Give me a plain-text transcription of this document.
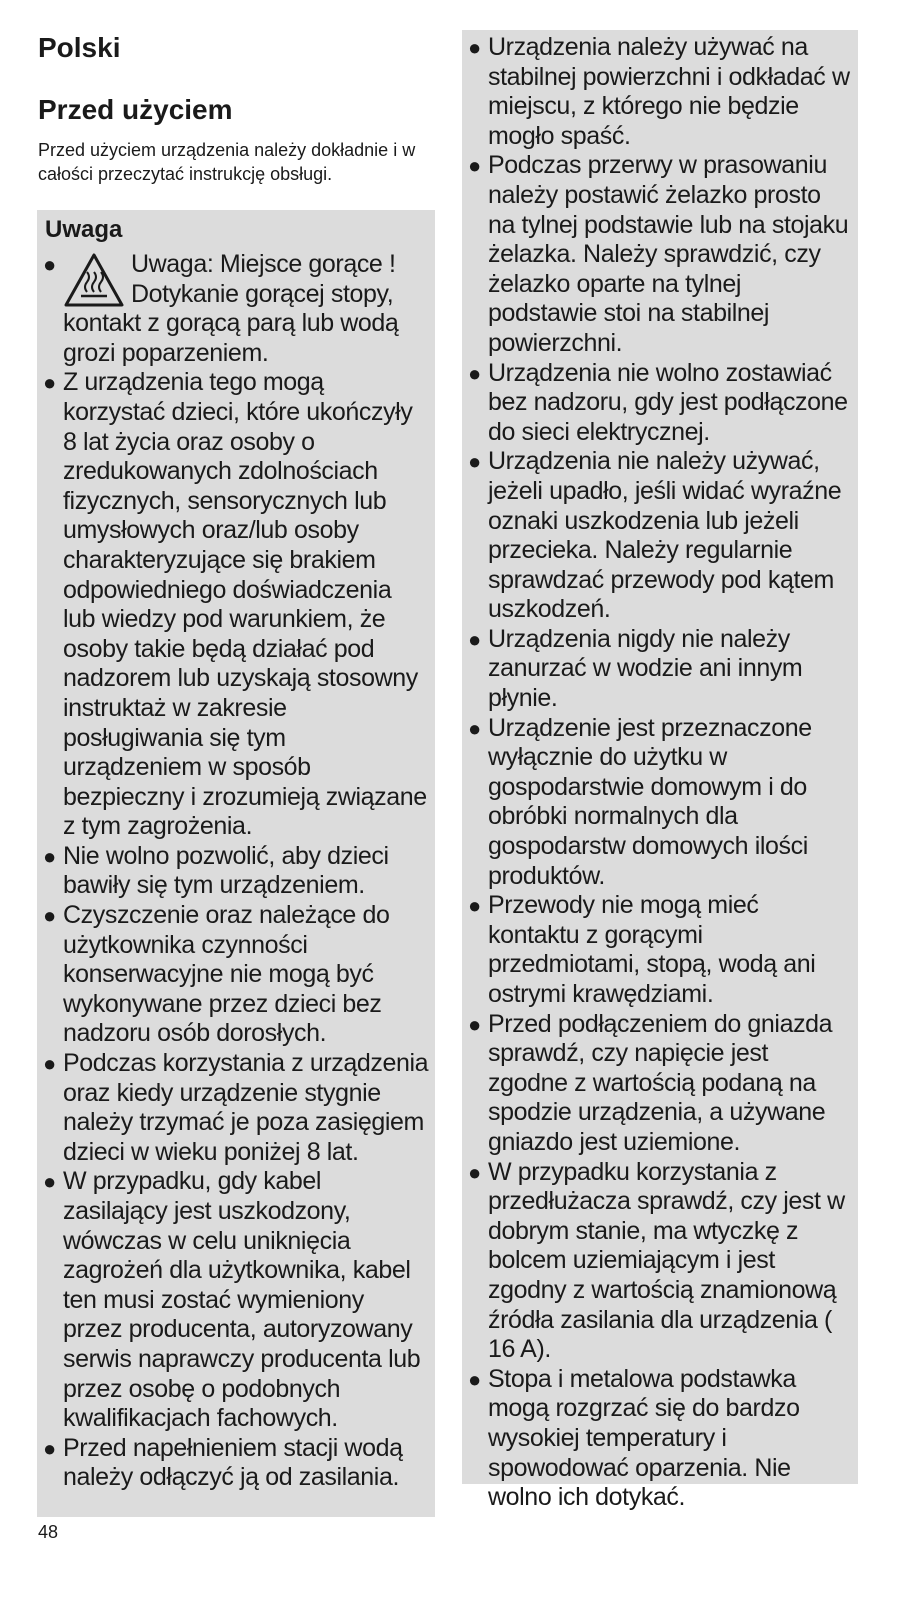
Polski
Przed użyciem

Przed użyciem urządzenia należy dokładnie i w całości przeczytać instrukcję obsługi.

Uwaga
●	Uwaga: Miejsce gorące ! Dotykanie gorącej stopy, kontakt z gorącą parą lub wodą grozi poparzeniem.
● Z urządzenia tego mogą korzystać dzieci, które ukończyły 8 lat życia oraz osoby o zredukowanych zdolnościach fizycznych, sensorycznych lub umysłowych oraz/lub osoby charakteryzujące się brakiem odpowiedniego doświadczenia lub wiedzy pod warunkiem, że osoby takie będą działać pod nadzorem lub uzyskają stosowny instruktaż w zakresie posługiwania się tym urządzeniem w sposób bezpieczny i zrozumieją związane z tym zagrożenia.
● Nie wolno pozwolić, aby dzieci bawiły się tym urządzeniem.
● Czyszczenie oraz należące do użytkownika czynności konserwacyjne nie mogą być wykonywane przez dzieci bez nadzoru osób dorosłych.
● Podczas korzystania z urządzenia oraz kiedy urządzenie stygnie należy trzymać je poza zasięgiem dzieci w wieku poniżej 8 lat.
● W przypadku, gdy kabel zasilający jest uszkodzony, wówczas w celu uniknięcia zagrożeń dla użytkownika, kabel ten musi zostać wymieniony przez producenta, autoryzowany serwis naprawczy producenta lub przez osobę o podobnych kwalifikacjach fachowych.
● Przed napełnieniem stacji wodą należy odłączyć ją od zasilania.
● Urządzenia należy używać na stabilnej powierzchni i odkładać w miejscu, z którego nie będzie mogło spaść.
● Podczas przerwy w prasowaniu należy postawić żelazko prosto na tylnej podstawie lub na stojaku żelazka. Należy sprawdzić, czy żelazko oparte na tylnej podstawie stoi na stabilnej powierzchni.
● Urządzenia nie wolno zostawiać bez nadzoru, gdy jest podłączone do sieci elektrycznej.
● Urządzenia nie należy używać, jeżeli upadło, jeśli widać wyraźne oznaki uszkodzenia lub jeżeli przecieka. Należy regularnie sprawdzać przewody pod kątem uszkodzeń.
● Urządzenia nigdy nie należy zanurzać w wodzie ani innym płynie.
● Urządzenie jest przeznaczone wyłącznie do użytku w gospodarstwie domowym i do obróbki normalnych dla gospodarstw domowych ilości produktów.
● Przewody nie mogą mieć kontaktu z gorącymi przedmiotami, stopą, wodą ani ostrymi krawędziami.
● Przed podłączeniem do gniazda sprawdź, czy napięcie jest zgodne z wartością podaną na spodzie urządzenia, a używane gniazdo jest uziemione.
● W przypadku korzystania z przedłużacza sprawdź, czy jest w dobrym stanie, ma wtyczkę z bolcem uziemiającym i jest zgodny z wartością znamionową źródła zasilania dla urządzenia ( 16 A).
● Stopa i metalowa podstawka mogą rozgrzać się do bardzo wysokiej temperatury i spowodować oparzenia. Nie wolno ich dotykać.

48
